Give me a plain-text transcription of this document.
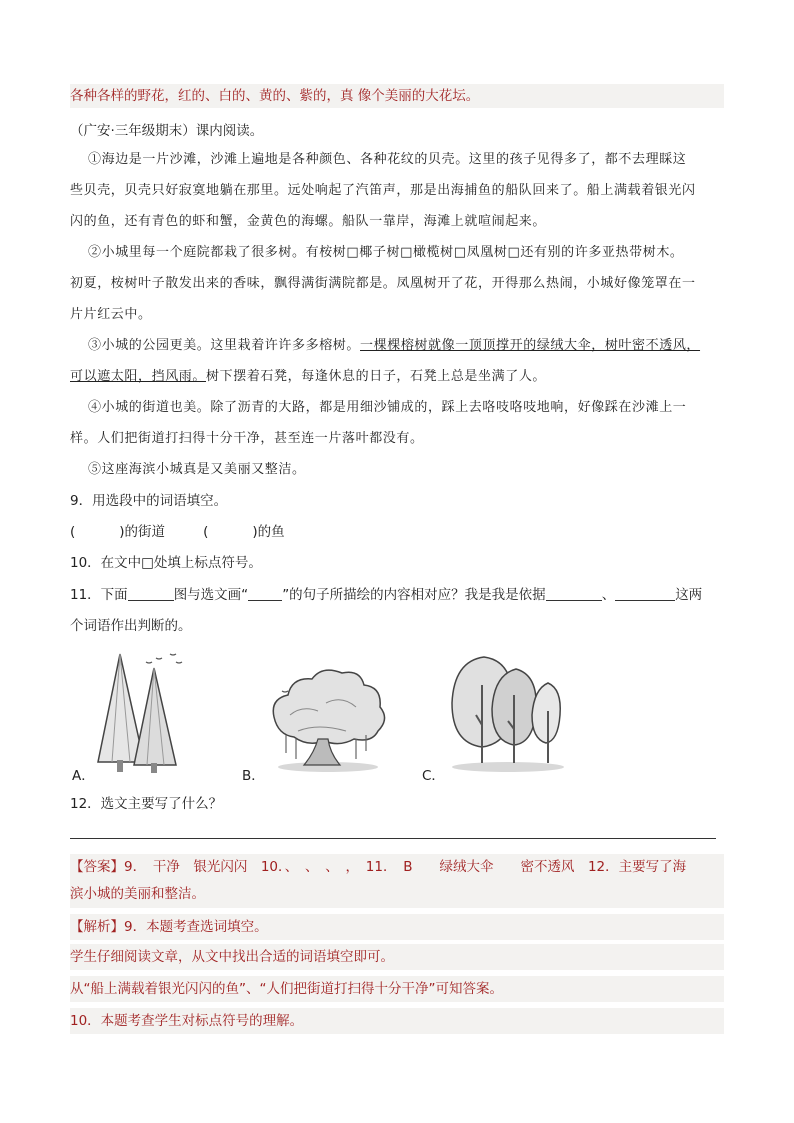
各种各样的野花，红的、白的、黄的、紫的，真 像个美丽的大花坛。
（广安·三年级期末）课内阅读。
①海边是一片沙滩，沙滩上遍地是各种颜色、各种花纹的贝壳。这里的孩子见得多了，都不去理睬这
些贝壳，贝壳只好寂寞地躺在那里。远处响起了汽笛声，那是出海捕鱼的船队回来了。船上满载着银光闪
闪的鱼，还有青色的虾和蟹，金黄色的海螺。船队一靠岸，海滩上就喧闹起来。
②小城里每一个庭院都栽了很多树。有桉树□椰子树□橄榄树□凤凰树□还有别的许多亚热带树木。
初夏，桉树叶子散发出来的香味，飘得满街满院都是。凤凰树开了花，开得那么热闹，小城好像笼罩在一
片片红云中。
③小城的公园更美。这里栽着许许多多榕树。一棵棵榕树就像一顶顶撑开的绿绒大伞，树叶密不透风，
可以遮太阳，挡风雨。树下摆着石凳，每逢休息的日子，石凳上总是坐满了人。
④小城的街道也美。除了沥青的大路，都是用细沙铺成的，踩上去咯吱咯吱地响，好像踩在沙滩上一
样。人们把街道打扫得十分干净，甚至连一片落叶都没有。
⑤这座海滨小城真是又美丽又整洁。
9．用选段中的词语填空。
(	)的街道	(	)的鱼
10．在文中□处填上标点符号。
11．下面	图与选文画“	”的句子所描绘的内容相对应？我是我是依据	、	这两
个词语作出判断的。
A．	B．	C．
12．选文主要写了什么？
【答案】9．　干净　银光闪闪　10．、　、　、　，　11．　B　　绿绒大伞　　密不透风　12．主要写了海
滨小城的美丽和整洁。
【解析】9．本题考查选词填空。
学生仔细阅读文章，从文中找出合适的词语填空即可。
从“船上满载着银光闪闪的鱼”、“人们把街道打扫得十分干净”可知答案。
10．本题考查学生对标点符号的理解。
